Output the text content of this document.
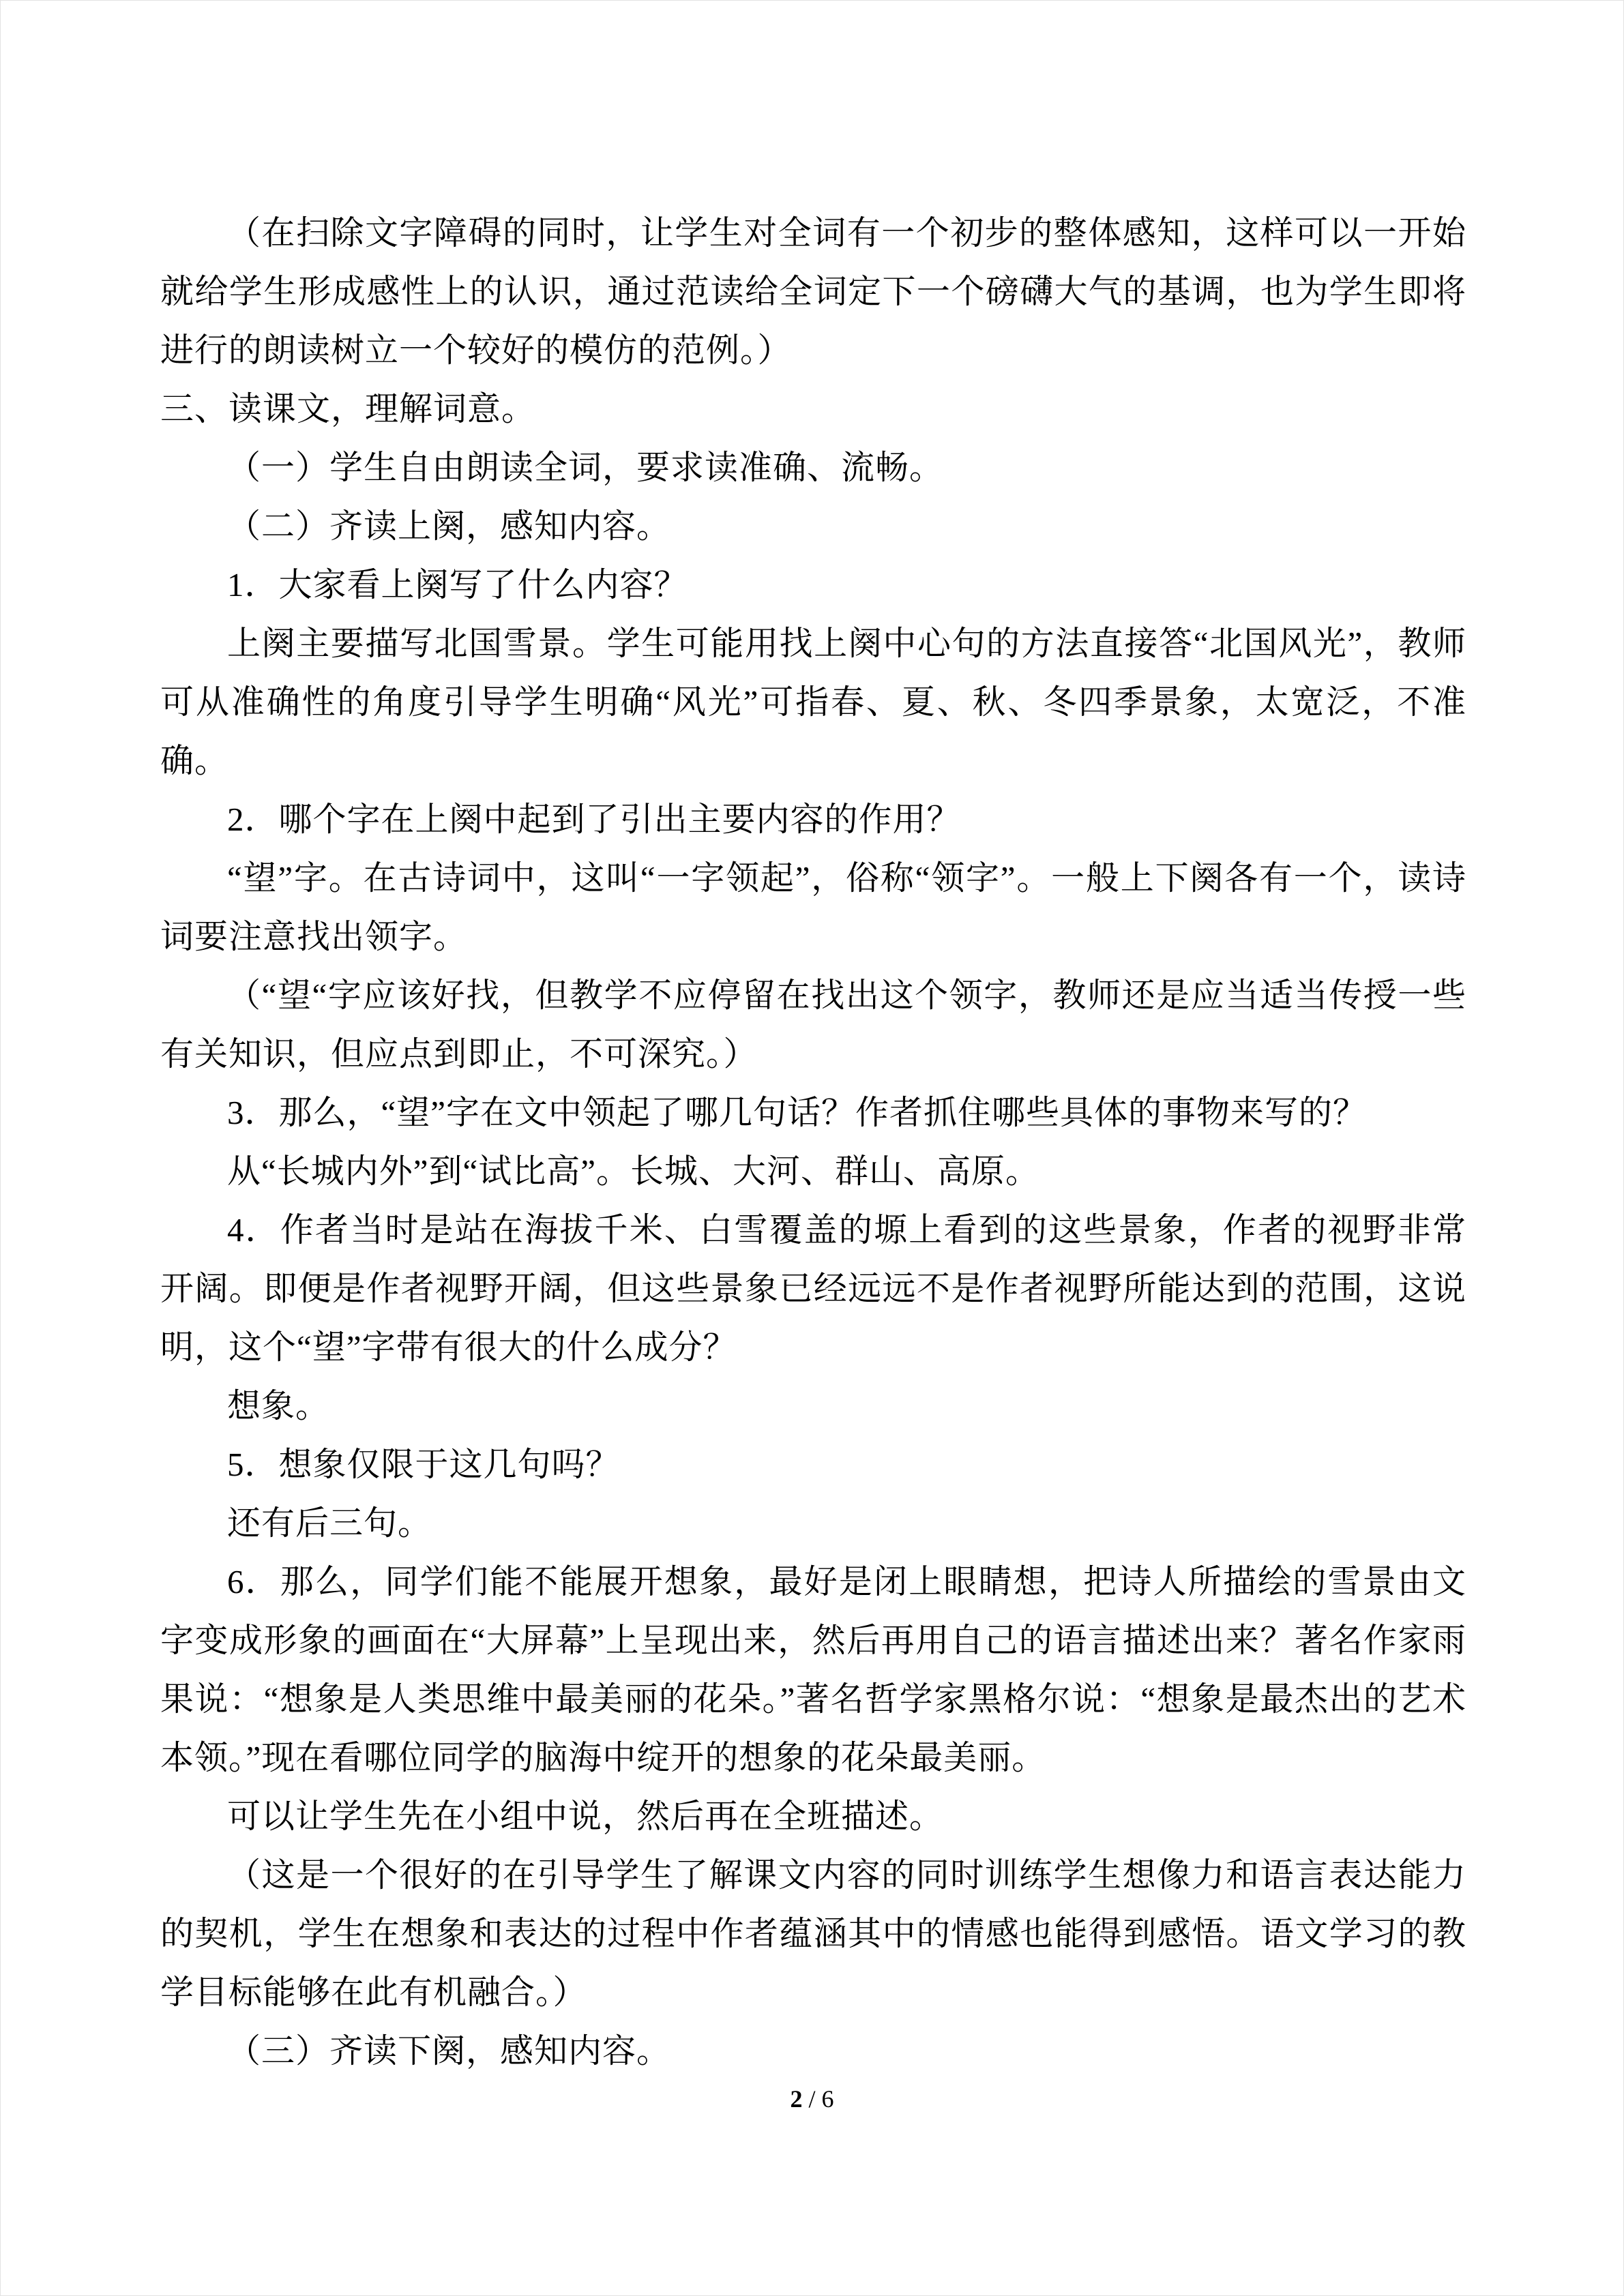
（在扫除文字障碍的同时，让学生对全词有一个初步的整体感知，这样可以一开始就给学生形成感性上的认识，通过范读给全词定下一个磅礴大气的基调，也为学生即将进行的朗读树立一个较好的模仿的范例。）

三、读课文，理解词意。

（一）学生自由朗读全词，要求读准确、流畅。

（二）齐读上阕，感知内容。

1．大家看上阕写了什么内容？

上阕主要描写北国雪景。学生可能用找上阕中心句的方法直接答“北国风光”，教师可从准确性的角度引导学生明确“风光”可指春、夏、秋、冬四季景象，太宽泛，不准确。

2．哪个字在上阕中起到了引出主要内容的作用？

“望”字。在古诗词中，这叫“一字领起”，俗称“领字”。一般上下阕各有一个，读诗词要注意找出领字。

（“望“字应该好找，但教学不应停留在找出这个领字，教师还是应当适当传授一些有关知识，但应点到即止，不可深究。）

3．那么，“望”字在文中领起了哪几句话？作者抓住哪些具体的事物来写的？

从“长城内外”到“试比高”。长城、大河、群山、高原。

4．作者当时是站在海拔千米、白雪覆盖的塬上看到的这些景象，作者的视野非常开阔。即便是作者视野开阔，但这些景象已经远远不是作者视野所能达到的范围，这说明，这个“望”字带有很大的什么成分？

想象。

5．想象仅限于这几句吗？

还有后三句。

6．那么，同学们能不能展开想象，最好是闭上眼睛想，把诗人所描绘的雪景由文字变成形象的画面在“大屏幕”上呈现出来，然后再用自己的语言描述出来？著名作家雨果说：“想象是人类思维中最美丽的花朵。”著名哲学家黑格尔说：“想象是最杰出的艺术本领。”现在看哪位同学的脑海中绽开的想象的花朵最美丽。

可以让学生先在小组中说，然后再在全班描述。

（这是一个很好的在引导学生了解课文内容的同时训练学生想像力和语言表达能力的契机，学生在想象和表达的过程中作者蕴涵其中的情感也能得到感悟。语文学习的教学目标能够在此有机融合。）

（三）齐读下阕，感知内容。

2 / 6
